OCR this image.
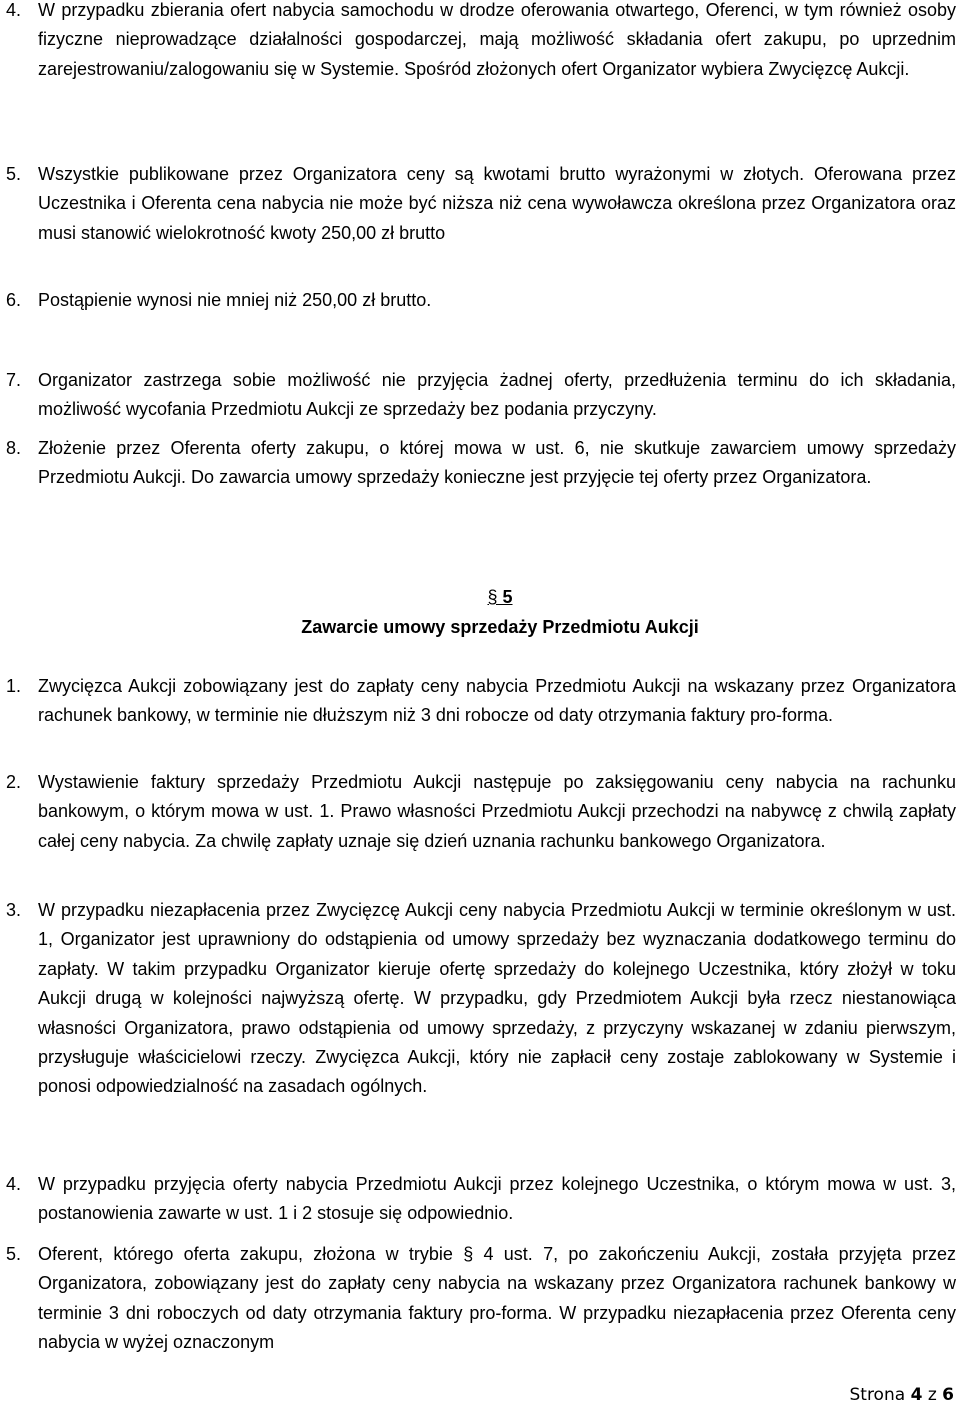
4. W przypadku zbierania ofert nabycia samochodu w drodze oferowania otwartego, Oferenci, w tym również osoby fizyczne nieprowadzące działalności gospodarczej, mają możliwość składania ofert zakupu, po uprzednim zarejestrowaniu/zalogowaniu się w Systemie. Spośród złożonych ofert Organizator wybiera Zwycięzcę Aukcji.
5. Wszystkie publikowane przez Organizatora ceny są kwotami brutto wyrażonymi w złotych. Oferowana przez Uczestnika i Oferenta cena nabycia nie może być niższa niż cena wywoławcza określona przez Organizatora oraz musi stanowić wielokrotność kwoty 250,00 zł brutto
6. Postąpienie wynosi nie mniej niż 250,00 zł brutto.
7. Organizator zastrzega sobie możliwość nie przyjęcia żadnej oferty, przedłużenia terminu do ich składania, możliwość wycofania Przedmiotu Aukcji ze sprzedaży bez podania przyczyny.
8. Złożenie przez Oferenta oferty zakupu, o której mowa w ust. 6, nie skutkuje zawarciem umowy sprzedaży Przedmiotu Aukcji. Do zawarcia umowy sprzedaży konieczne jest przyjęcie tej oferty przez Organizatora.
§ 5
Zawarcie umowy sprzedaży Przedmiotu Aukcji
1. Zwycięzca Aukcji zobowiązany jest do zapłaty ceny nabycia Przedmiotu Aukcji na wskazany przez Organizatora rachunek bankowy, w terminie nie dłuższym niż 3 dni robocze od daty otrzymania faktury pro-forma.
2. Wystawienie faktury sprzedaży Przedmiotu Aukcji następuje po zaksięgowaniu ceny nabycia na rachunku bankowym, o którym mowa w ust. 1. Prawo własności Przedmiotu Aukcji przechodzi na nabywcę z chwilą zapłaty całej ceny nabycia. Za chwilę zapłaty uznaje się dzień uznania rachunku bankowego Organizatora.
3. W przypadku niezapłacenia przez Zwycięzcę Aukcji ceny nabycia Przedmiotu Aukcji w terminie określonym w ust. 1, Organizator jest uprawniony do odstąpienia od umowy sprzedaży bez wyznaczania dodatkowego terminu do zapłaty. W takim przypadku Organizator kieruje ofertę sprzedaży do kolejnego Uczestnika, który złożył w toku Aukcji drugą w kolejności najwyższą ofertę. W przypadku, gdy Przedmiotem Aukcji była rzecz niestanowiąca własności Organizatora, prawo odstąpienia od umowy sprzedaży, z przyczyny wskazanej w zdaniu pierwszym, przysługuje właścicielowi rzeczy. Zwycięzca Aukcji, który nie zapłacił ceny zostaje zablokowany w Systemie i ponosi odpowiedzialność na zasadach ogólnych.
4. W przypadku przyjęcia oferty nabycia Przedmiotu Aukcji przez kolejnego Uczestnika, o którym mowa w ust. 3, postanowienia zawarte w ust. 1 i 2 stosuje się odpowiednio.
5. Oferent, którego oferta zakupu, złożona w trybie § 4 ust. 7, po zakończeniu Aukcji, została przyjęta przez Organizatora, zobowiązany jest do zapłaty ceny nabycia na wskazany przez Organizatora rachunek bankowy w terminie 3 dni roboczych od daty otrzymania faktury pro-forma. W przypadku niezapłacenia przez Oferenta ceny nabycia w wyżej oznaczonym
Strona 4 z 6
